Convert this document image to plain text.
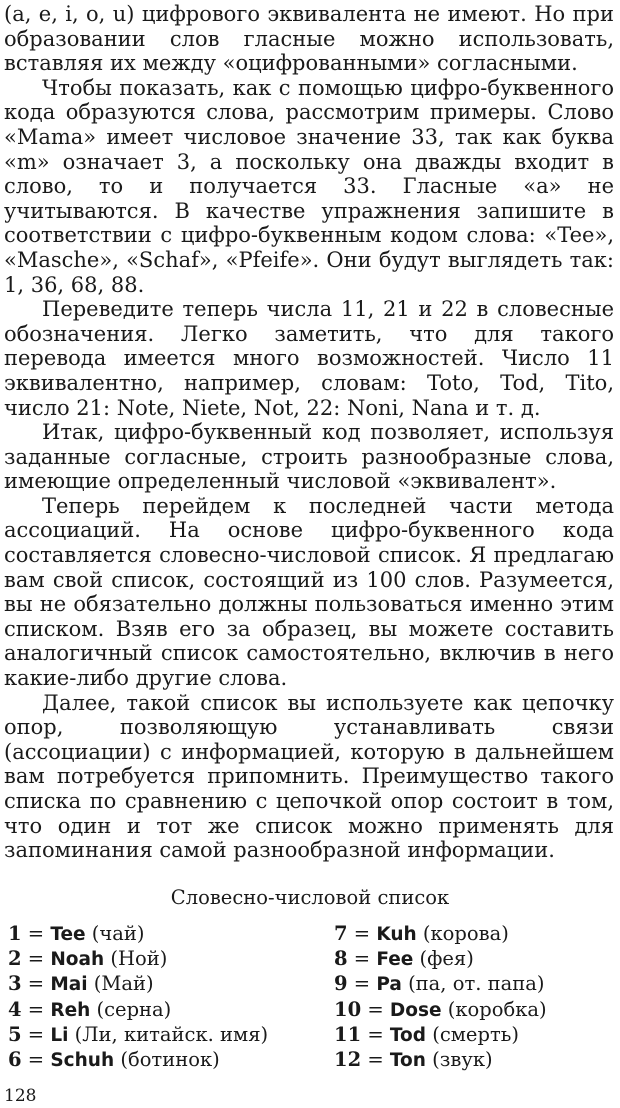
(a, e, i, o, u) цифрового эквивалента не имеют. Но при образовании слов гласные можно использовать, вставляя их между «оцифрованными» согласными.

Чтобы показать, как с помощью цифро-буквенного кода образуются слова, рассмотрим примеры. Слово «Mama» имеет числовое значение 33, так как буква «m» означает 3, а поскольку она дважды входит в слово, то и получается 33. Гласные «а» не учитываются. В качестве упражнения запишите в соответствии с цифро-буквенным кодом слова: «Tee», «Masche», «Schaf», «Pfeife». Они будут выглядеть так: 1, 36, 68, 88.

Переведите теперь числа 11, 21 и 22 в словесные обозначения. Легко заметить, что для такого перевода имеется много возможностей. Число 11 эквивалентно, например, словам: Toto, Tod, Tito, число 21: Note, Niete, Not, 22: Noni, Nana и т. д.

Итак, цифро-буквенный код позволяет, используя заданные согласные, строить разнообразные слова, имеющие определенный числовой «эквивалент».

Теперь перейдем к последней части метода ассоциаций. На основе цифро-буквенного кода составляется словесно-числовой список. Я предлагаю вам свой список, состоящий из 100 слов. Разумеется, вы не обязательно должны пользоваться именно этим списком. Взяв его за образец, вы можете составить аналогичный список самостоятельно, включив в него какие-либо другие слова.

Далее, такой список вы используете как цепочку опор, позволяющую устанавливать связи (ассоциации) с информацией, которую в дальнейшем вам потребуется припомнить. Преимущество такого списка по сравнению с цепочкой опор состоит в том, что один и тот же список можно применять для запоминания самой разнообразной информации.

Словесно-числовой список
1 = Tee (чай)
2 = Noah (Ной)
3 = Mai (Май)
4 = Reh (серна)
5 = Li (Ли, китайск. имя)
6 = Schuh (ботинок)
7 = Kuh (корова)
8 = Fee (фея)
9 = Pa (па, от. папа)
10 = Dose (коробка)
11 = Tod (смерть)
12 = Ton (звук)
128
